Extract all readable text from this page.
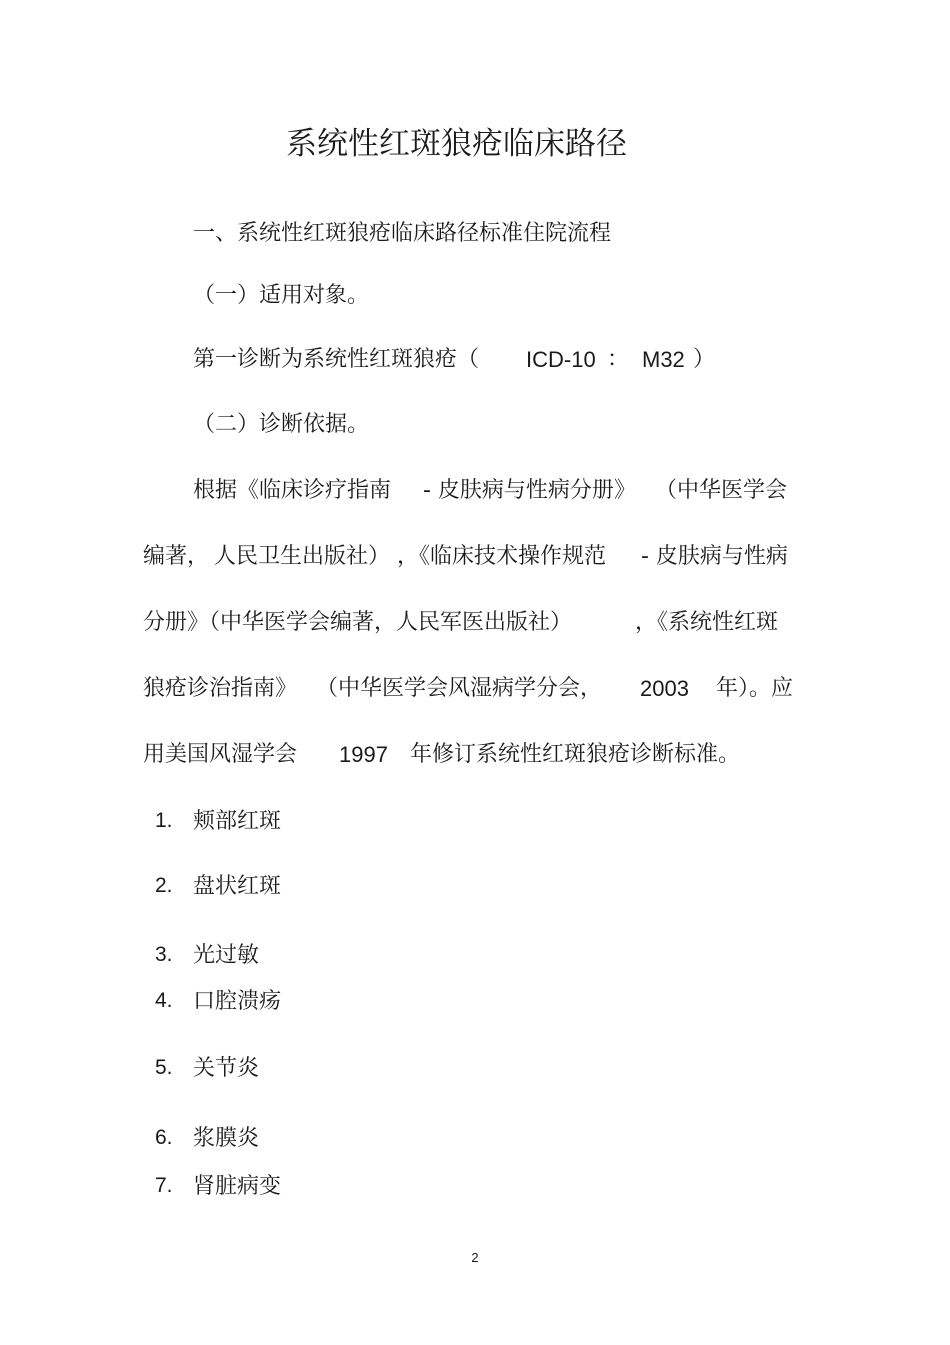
系统性红斑狼疮临床路径
一、系统性红斑狼疮临床路径标准住院流程
（一）适用对象。
第一诊断为系统性红斑狼疮（ ICD-10 ： M32 ）
（二）诊断依据。
根据《临床诊疗指南 - 皮肤病与性病分册》 （中华医学会
编著， 人民卫生出版社） ，《临床技术操作规范 - 皮肤病与性病
分册》（中华医学会编著，人民军医出版社）	，《系统性红斑
狼疮诊治指南》 （中华医学会风湿病学分会， 2003 年）。应
用美国风湿学会 1997 年修订系统性红斑狼疮诊断标准。
1. 颊部红斑
2. 盘状红斑
3. 光过敏
4. 口腔溃疡
5. 关节炎
6. 浆膜炎
7. 肾脏病变
2
